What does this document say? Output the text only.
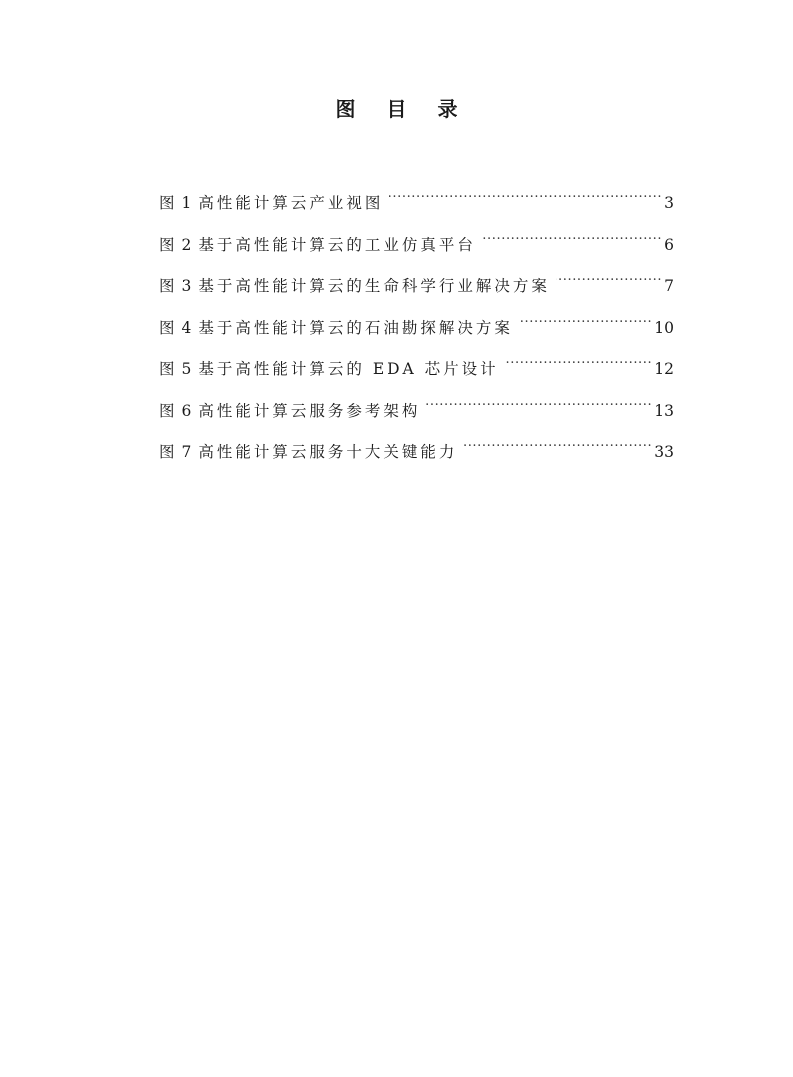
图 目 录
图 1 高性能计算云产业视图 .....	3
图 2 基于高性能计算云的工业仿真平台 .....	6
图 3 基于高性能计算云的生命科学行业解决方案 .....	7
图 4 基于高性能计算云的石油勘探解决方案 .....	10
图 5 基于高性能计算云的 EDA 芯片设计 .....	12
图 6 高性能计算云服务参考架构 .....	13
图 7 高性能计算云服务十大关键能力 .....	33
